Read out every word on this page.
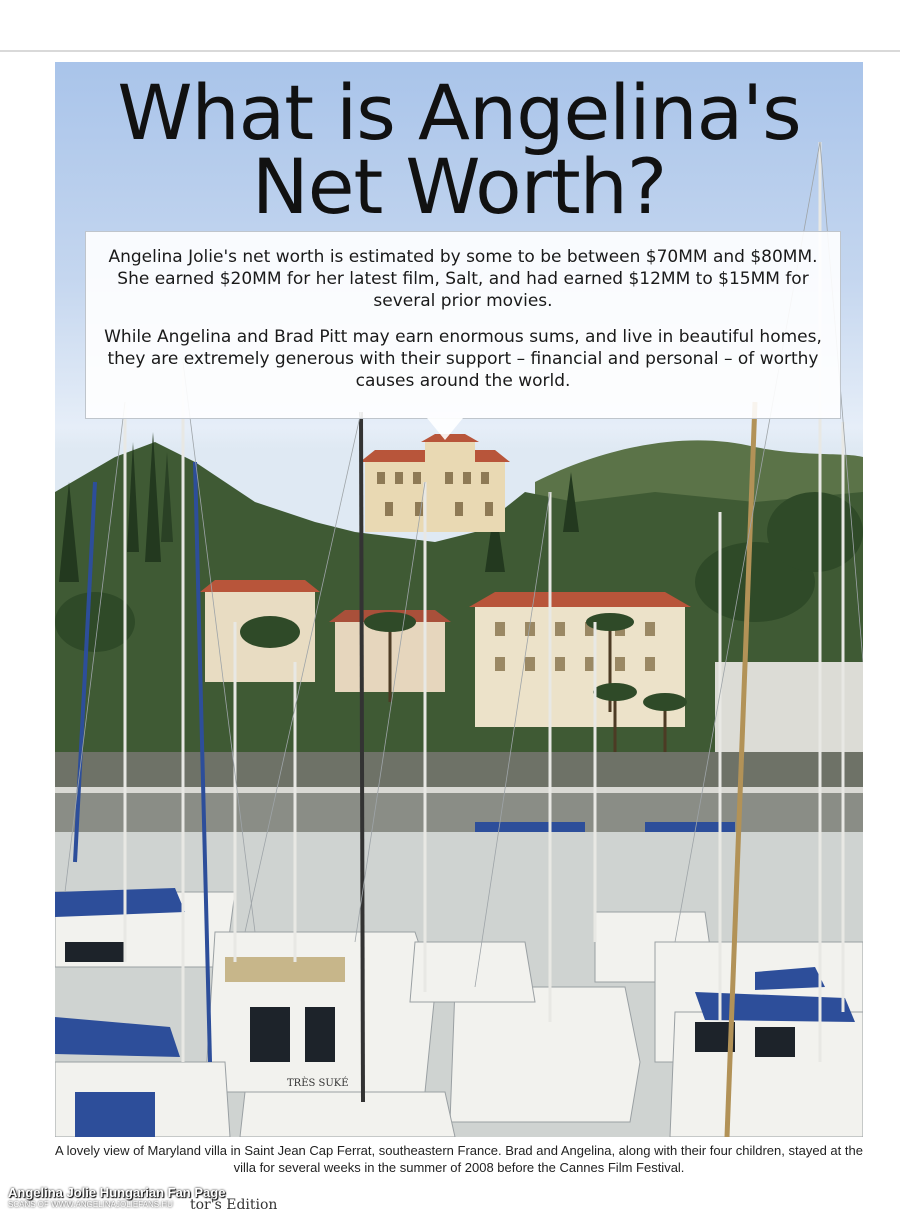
TRÈS SUKÉ
What is Angelina's
Net Worth?

Angelina Jolie's net worth is estimated by some to be between $70MM and $80MM. She earned $20MM for her latest film, Salt, and had earned $12MM to $15MM for several prior movies.

While Angelina and Brad Pitt may earn enormous sums, and live in beautiful homes, they are extremely generous with their support – financial and personal – of worthy causes around the world.

A lovely view of Maryland villa in Saint Jean Cap Ferrat, southeastern France. Brad and Angelina, along with their four children, stayed at the villa for several weeks in the summer of 2008 before the Cannes Film Festival.

Angelina Jolie Hungarian Fan Page

SCANS OF WWW.ANGELINAJOLIEFANS.HU tor's Edition
